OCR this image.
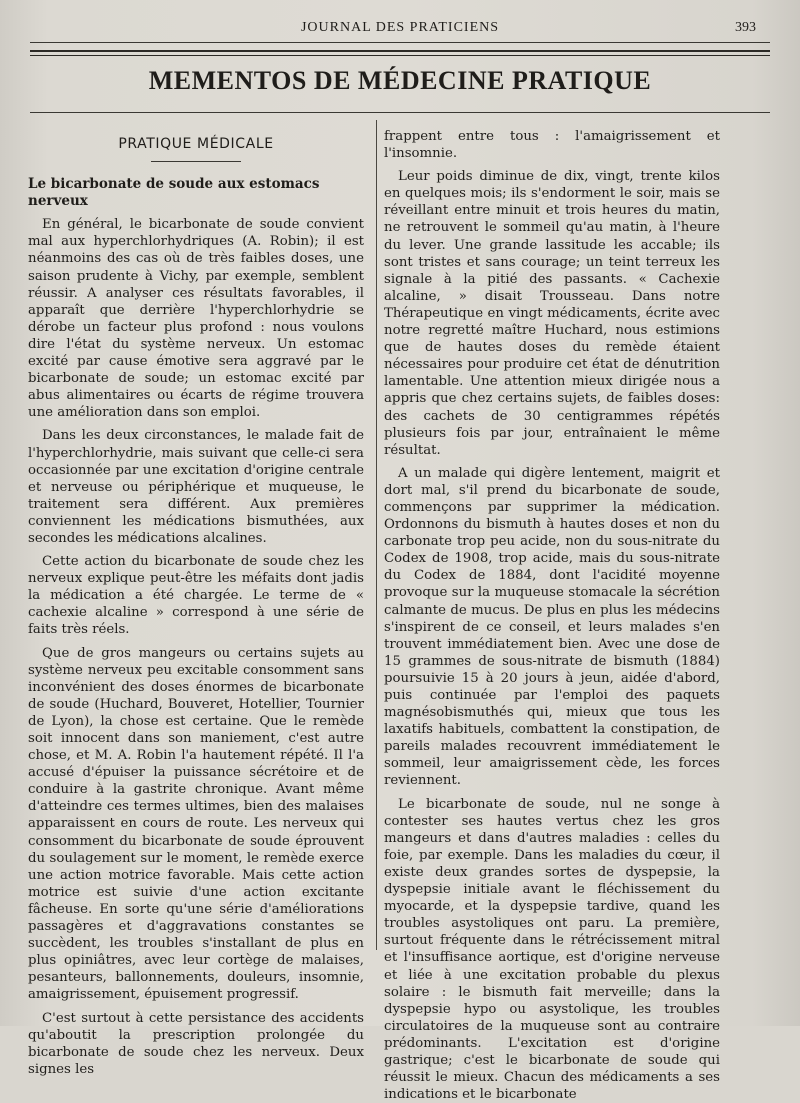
JOURNAL DES PRATICIENS	393
MEMENTOS DE MÉDECINE PRATIQUE
PRATIQUE MÉDICALE
Le bicarbonate de soude aux estomacs nerveux

En général, le bicarbonate de soude convient mal aux hyperchlorhydriques (A. Robin); il est néanmoins des cas où de très faibles doses, une saison prudente à Vichy, par exemple, semblent réussir. A analyser ces résultats favorables, il apparaît que derrière l'hyperchlorhydrie se dérobe un facteur plus profond : nous voulons dire l'état du système nerveux. Un estomac excité par cause émotive sera aggravé par le bicarbonate de soude; un estomac excité par abus alimentaires ou écarts de régime trouvera une amélioration dans son emploi.

Dans les deux circonstances, le malade fait de l'hyperchlorhydrie, mais suivant que celle-ci sera occasionnée par une excitation d'origine centrale et nerveuse ou périphérique et muqueuse, le traitement sera différent. Aux premières conviennent les médications bismuthées, aux secondes les médications alcalines.

Cette action du bicarbonate de soude chez les nerveux explique peut-être les méfaits dont jadis la médication a été chargée. Le terme de « cachexie alcaline » correspond à une série de faits très réels.

Que de gros mangeurs ou certains sujets au système nerveux peu excitable consomment sans inconvénient des doses énormes de bicarbonate de soude (Huchard, Bouveret, Hotellier, Tournier de Lyon), la chose est certaine. Que le remède soit innocent dans son maniement, c'est autre chose, et M. A. Robin l'a hautement répété. Il l'a accusé d'épuiser la puissance sécrétoire et de conduire à la gastrite chronique. Avant même d'atteindre ces termes ultimes, bien des malaises apparaissent en cours de route. Les nerveux qui consomment du bicarbonate de soude éprouvent du soulagement sur le moment, le remède exerce une action motrice favorable. Mais cette action motrice est suivie d'une action excitante fâcheuse. En sorte qu'une série d'améliorations passagères et d'aggravations constantes se succèdent, les troubles s'installant de plus en plus opiniâtres, avec leur cortège de malaises, pesanteurs, ballonnements, douleurs, insomnie, amaigrissement, épuisement progressif.

C'est surtout à cette persistance des accidents qu'aboutit la prescription prolongée du bicarbonate de soude chez les nerveux. Deux signes les

frappent entre tous : l'amaigrissement et l'insomnie.

Leur poids diminue de dix, vingt, trente kilos en quelques mois; ils s'endorment le soir, mais se réveillant entre minuit et trois heures du matin, ne retrouvent le sommeil qu'au matin, à l'heure du lever. Une grande lassitude les accable; ils sont tristes et sans courage; un teint terreux les signale à la pitié des passants. « Cachexie alcaline, » disait Trousseau. Dans notre Thérapeutique en vingt médicaments, écrite avec notre regretté maître Huchard, nous estimions que de hautes doses du remède étaient nécessaires pour produire cet état de dénutrition lamentable. Une attention mieux dirigée nous a appris que chez certains sujets, de faibles doses: des cachets de 30 centigrammes répétés plusieurs fois par jour, entraînaient le même résultat.

A un malade qui digère lentement, maigrit et dort mal, s'il prend du bicarbonate de soude, commençons par supprimer la médication. Ordonnons du bismuth à hautes doses et non du carbonate trop peu acide, non du sous-nitrate du Codex de 1908, trop acide, mais du sous-nitrate du Codex de 1884, dont l'acidité moyenne provoque sur la muqueuse stomacale la sécrétion calmante de mucus. De plus en plus les médecins s'inspirent de ce conseil, et leurs malades s'en trouvent immédiatement bien. Avec une dose de 15 grammes de sous-nitrate de bismuth (1884) poursuivie 15 à 20 jours à jeun, aidée d'abord, puis continuée par l'emploi des paquets magnésobismuthés qui, mieux que tous les laxatifs habituels, combattent la constipation, de pareils malades recouvrent immédiatement le sommeil, leur amaigrissement cède, les forces reviennent.

Le bicarbonate de soude, nul ne songe à contester ses hautes vertus chez les gros mangeurs et dans d'autres maladies : celles du foie, par exemple. Dans les maladies du cœur, il existe deux grandes sortes de dyspepsie, la dyspepsie initiale avant le fléchissement du myocarde, et la dyspepsie tardive, quand les troubles asystoliques ont paru. La première, surtout fréquente dans le rétrécissement mitral et l'insuffisance aortique, est d'origine nerveuse et liée à une excitation probable du plexus solaire : le bismuth fait merveille; dans la dyspepsie hypo ou asystolique, les troubles circulatoires de la muqueuse sont au contraire prédominants. L'excitation est d'origine gastrique; c'est le bicarbonate de soude qui réussit le mieux. Chacun des médicaments a ses indications et le bicarbonate
